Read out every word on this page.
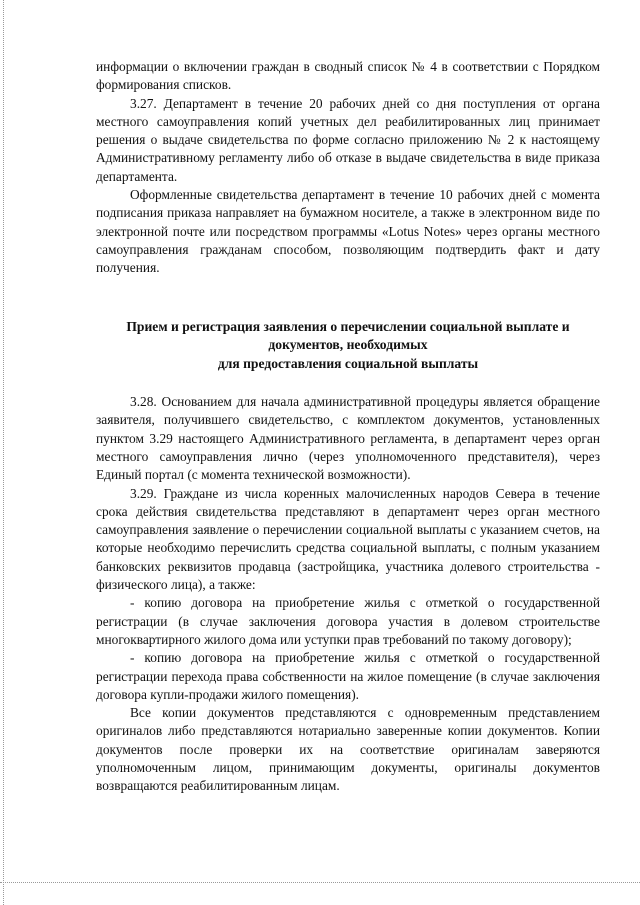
информации о включении граждан в сводный список № 4 в соответствии с Порядком формирования списков.

3.27. Департамент в течение 20 рабочих дней со дня поступления от органа местного самоуправления копий учетных дел реабилитированных лиц принимает решения о выдаче свидетельства по форме согласно приложению № 2 к настоящему Административному регламенту либо об отказе в выдаче свидетельства в виде приказа департамента.

Оформленные свидетельства департамент в течение 10 рабочих дней с момента подписания приказа направляет на бумажном носителе, а также в электронном виде по электронной почте или посредством программы «Lotus Notes» через органы местного самоуправления гражданам способом, позволяющим подтвердить факт и дату получения.

Прием и регистрация заявления о перечислении социальной выплате и

документов, необходимых

для предоставления социальной выплаты

3.28. Основанием для начала административной процедуры является обращение заявителя, получившего свидетельство, с комплектом документов, установленных пунктом 3.29 настоящего Административного регламента, в департамент через орган местного самоуправления лично (через уполномоченного представителя), через Единый портал (с момента технической возможности).

3.29. Граждане из числа коренных малочисленных народов Севера в течение срока действия свидетельства представляют в департамент через орган местного самоуправления заявление о перечислении социальной выплаты с указанием счетов, на которые необходимо перечислить средства социальной выплаты, с полным указанием банковских реквизитов продавца (застройщика, участника долевого строительства - физического лица), а также:

- копию договора на приобретение жилья с отметкой о государственной регистрации (в случае заключения договора участия в долевом строительстве многоквартирного жилого дома или уступки прав требований по такому договору);

- копию договора на приобретение жилья с отметкой о государственной регистрации перехода права собственности на жилое помещение (в случае заключения договора купли-продажи жилого помещения).

Все копии документов представляются с одновременным представлением оригиналов либо представляются нотариально заверенные копии документов. Копии документов после проверки их на соответствие оригиналам заверяются уполномоченным лицом, принимающим документы, оригиналы документов возвращаются реабилитированным лицам.
